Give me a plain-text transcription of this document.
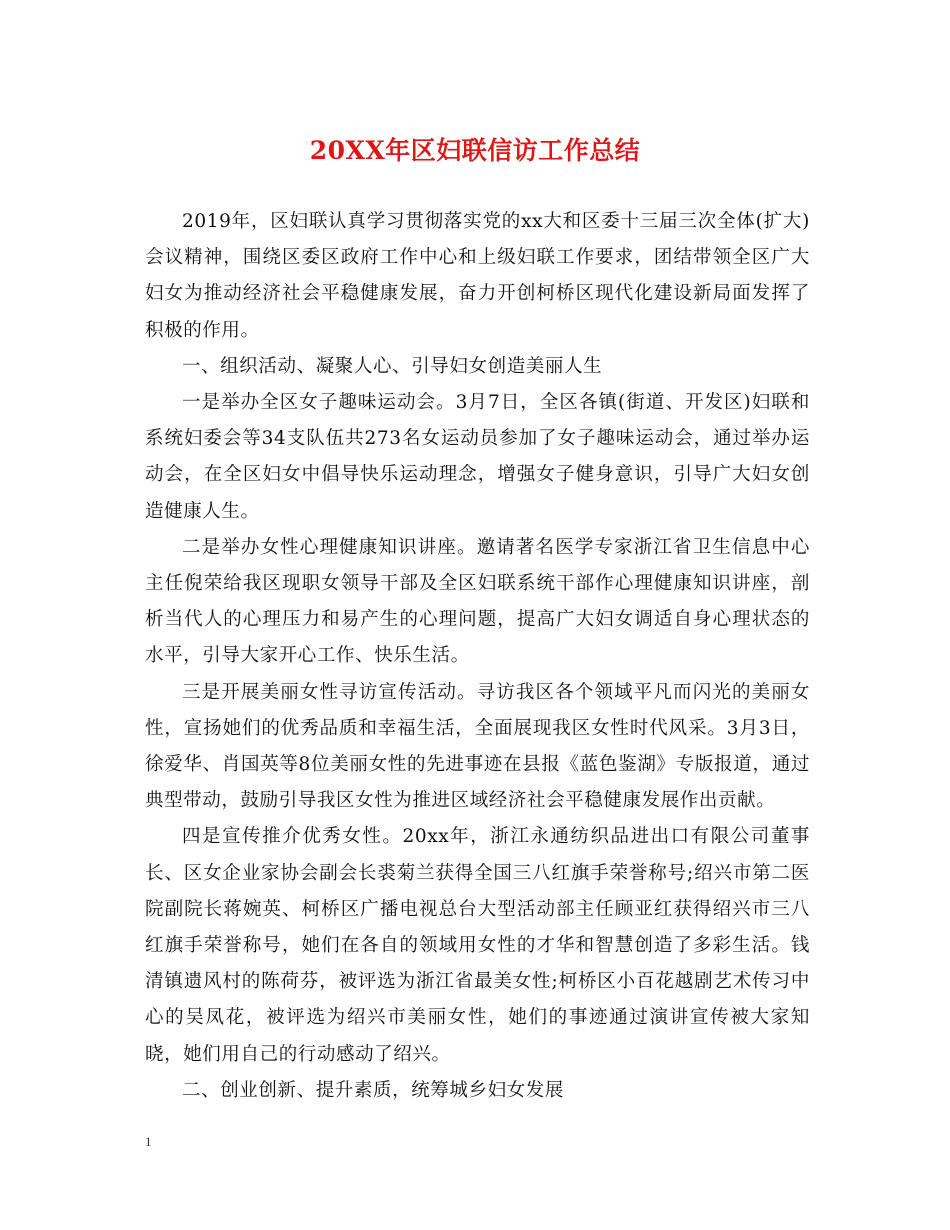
20XX年区妇联信访工作总结

2019年，区妇联认真学习贯彻落实党的xx大和区委十三届三次全体(扩大)会议精神，围绕区委区政府工作中心和上级妇联工作要求，团结带领全区广大妇女为推动经济社会平稳健康发展，奋力开创柯桥区现代化建设新局面发挥了积极的作用。

一、组织活动、凝聚人心、引导妇女创造美丽人生

一是举办全区女子趣味运动会。3月7日，全区各镇(街道、开发区)妇联和系统妇委会等34支队伍共273名女运动员参加了女子趣味运动会，通过举办运动会，在全区妇女中倡导快乐运动理念，增强女子健身意识，引导广大妇女创造健康人生。

二是举办女性心理健康知识讲座。邀请著名医学专家浙江省卫生信息中心主任倪荣给我区现职女领导干部及全区妇联系统干部作心理健康知识讲座，剖析当代人的心理压力和易产生的心理问题，提高广大妇女调适自身心理状态的水平，引导大家开心工作、快乐生活。

三是开展美丽女性寻访宣传活动。寻访我区各个领域平凡而闪光的美丽女性，宣扬她们的优秀品质和幸福生活，全面展现我区女性时代风采。3月3日，徐爱华、肖国英等8位美丽女性的先进事迹在县报《蓝色鉴湖》专版报道，通过典型带动，鼓励引导我区女性为推进区域经济社会平稳健康发展作出贡献。

四是宣传推介优秀女性。20xx年，浙江永通纺织品进出口有限公司董事长、区女企业家协会副会长裘菊兰获得全国三八红旗手荣誉称号;绍兴市第二医院副院长蒋婉英、柯桥区广播电视总台大型活动部主任顾亚红获得绍兴市三八红旗手荣誉称号，她们在各自的领域用女性的才华和智慧创造了多彩生活。钱清镇遗风村的陈荷芬，被评选为浙江省最美女性;柯桥区小百花越剧艺术传习中心的吴凤花，被评选为绍兴市美丽女性，她们的事迹通过演讲宣传被大家知晓，她们用自己的行动感动了绍兴。

二、创业创新、提升素质，统筹城乡妇女发展

1
